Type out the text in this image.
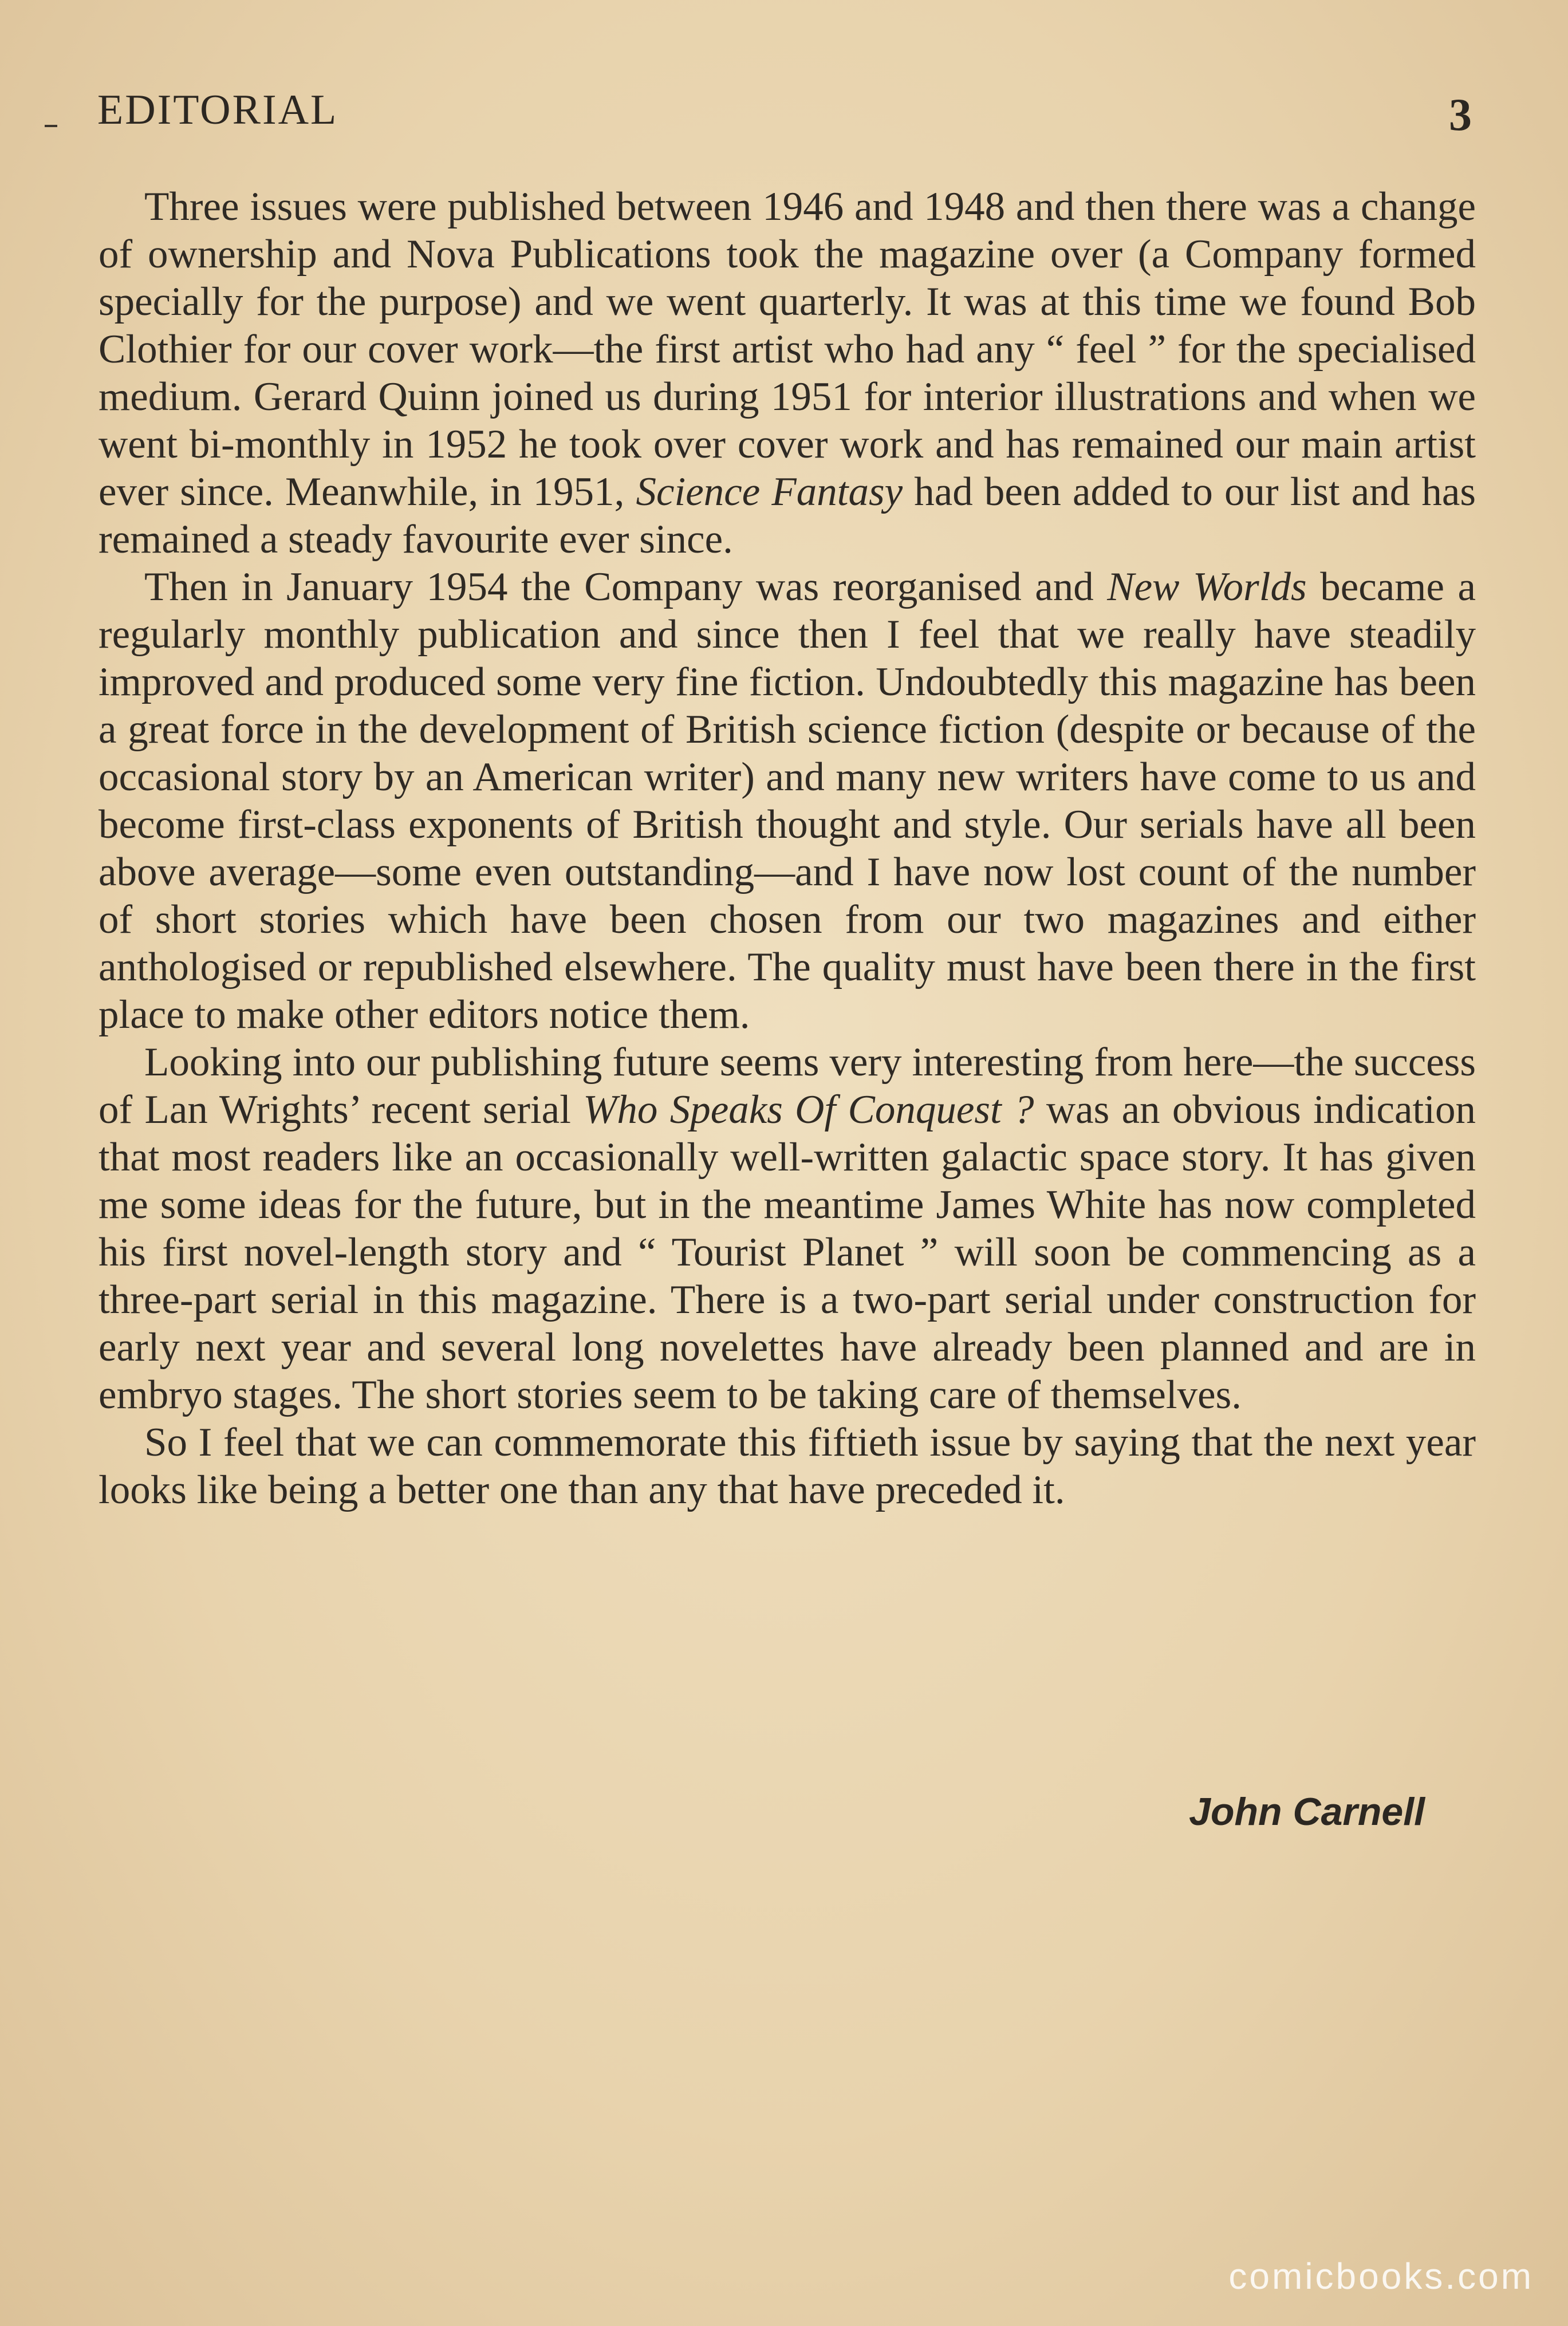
EDITORIAL	3

Three issues were published between 1946 and 1948 and then there was a change of ownership and Nova Publications took the magazine over (a Company formed specially for the purpose) and we went quarterly. It was at this time we found Bob Clothier for our cover work—the first artist who had any “ feel ” for the specialised medium. Gerard Quinn joined us during 1951 for interior illustrations and when we went bi-monthly in 1952 he took over cover work and has remained our main artist ever since. Meanwhile, in 1951, Science Fantasy had been added to our list and has remained a steady favourite ever since.

Then in January 1954 the Company was reorganised and New Worlds became a regularly monthly publication and since then I feel that we really have steadily improved and produced some very fine fiction. Undoubtedly this magazine has been a great force in the development of British science fiction (despite or because of the occasional story by an American writer) and many new writers have come to us and become first-class exponents of British thought and style. Our serials have all been above average—some even outstanding—and I have now lost count of the number of short stories which have been chosen from our two magazines and either anthologised or republished elsewhere. The quality must have been there in the first place to make other editors notice them.

Looking into our publishing future seems very interesting from here—the success of Lan Wrights’ recent serial Who Speaks Of Conquest ? was an obvious indication that most readers like an occasionally well-written galactic space story. It has given me some ideas for the future, but in the meantime James White has now completed his first novel-length story and “ Tourist Planet ” will soon be commencing as a three-part serial in this magazine. There is a two-part serial under construction for early next year and several long novelettes have already been planned and are in embryo stages. The short stories seem to be taking care of themselves.

So I feel that we can commemorate this fiftieth issue by saying that the next year looks like being a better one than any that have preceded it.

John Carnell
comicbooks.com
